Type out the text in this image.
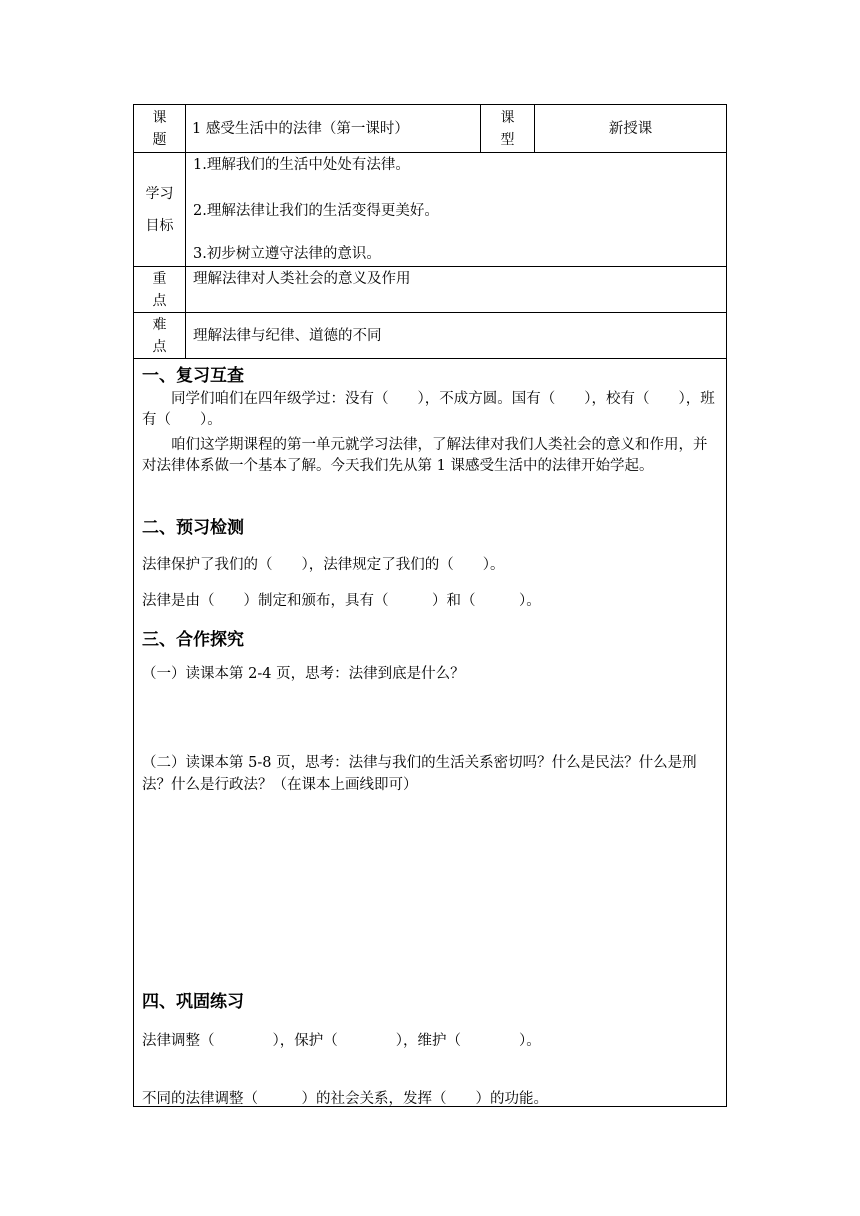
课
题
1 感受生活中的法律（第一课时）
课
型
新授课
学习
目标
1.理解我们的生活中处处有法律。
2.理解法律让我们的生活变得更美好。
3.初步树立遵守法律的意识。
重
点
理解法律对人类社会的意义及作用
难
点
理解法律与纪律、道德的不同
一、复习互查
同学们咱们在四年级学过：没有（　　），不成方圆。国有（　　），校有（　　），班有（　　）。
咱们这学期课程的第一单元就学习法律，了解法律对我们人类社会的意义和作用，并对法律体系做一个基本了解。今天我们先从第 1 课感受生活中的法律开始学起。
二、预习检测
法律保护了我们的（　　），法律规定了我们的（　　）。
法律是由（　　）制定和颁布，具有（　　　）和（　　　）。
三、合作探究
（一）读课本第 2-4 页，思考：法律到底是什么？
（二）读课本第 5-8 页，思考：法律与我们的生活关系密切吗？什么是民法？什么是刑法？什么是行政法？（在课本上画线即可）
四、巩固练习
法律调整（　　　　），保护（　　　　），维护（　　　　）。
不同的法律调整（　　　）的社会关系，发挥（　　）的功能。
